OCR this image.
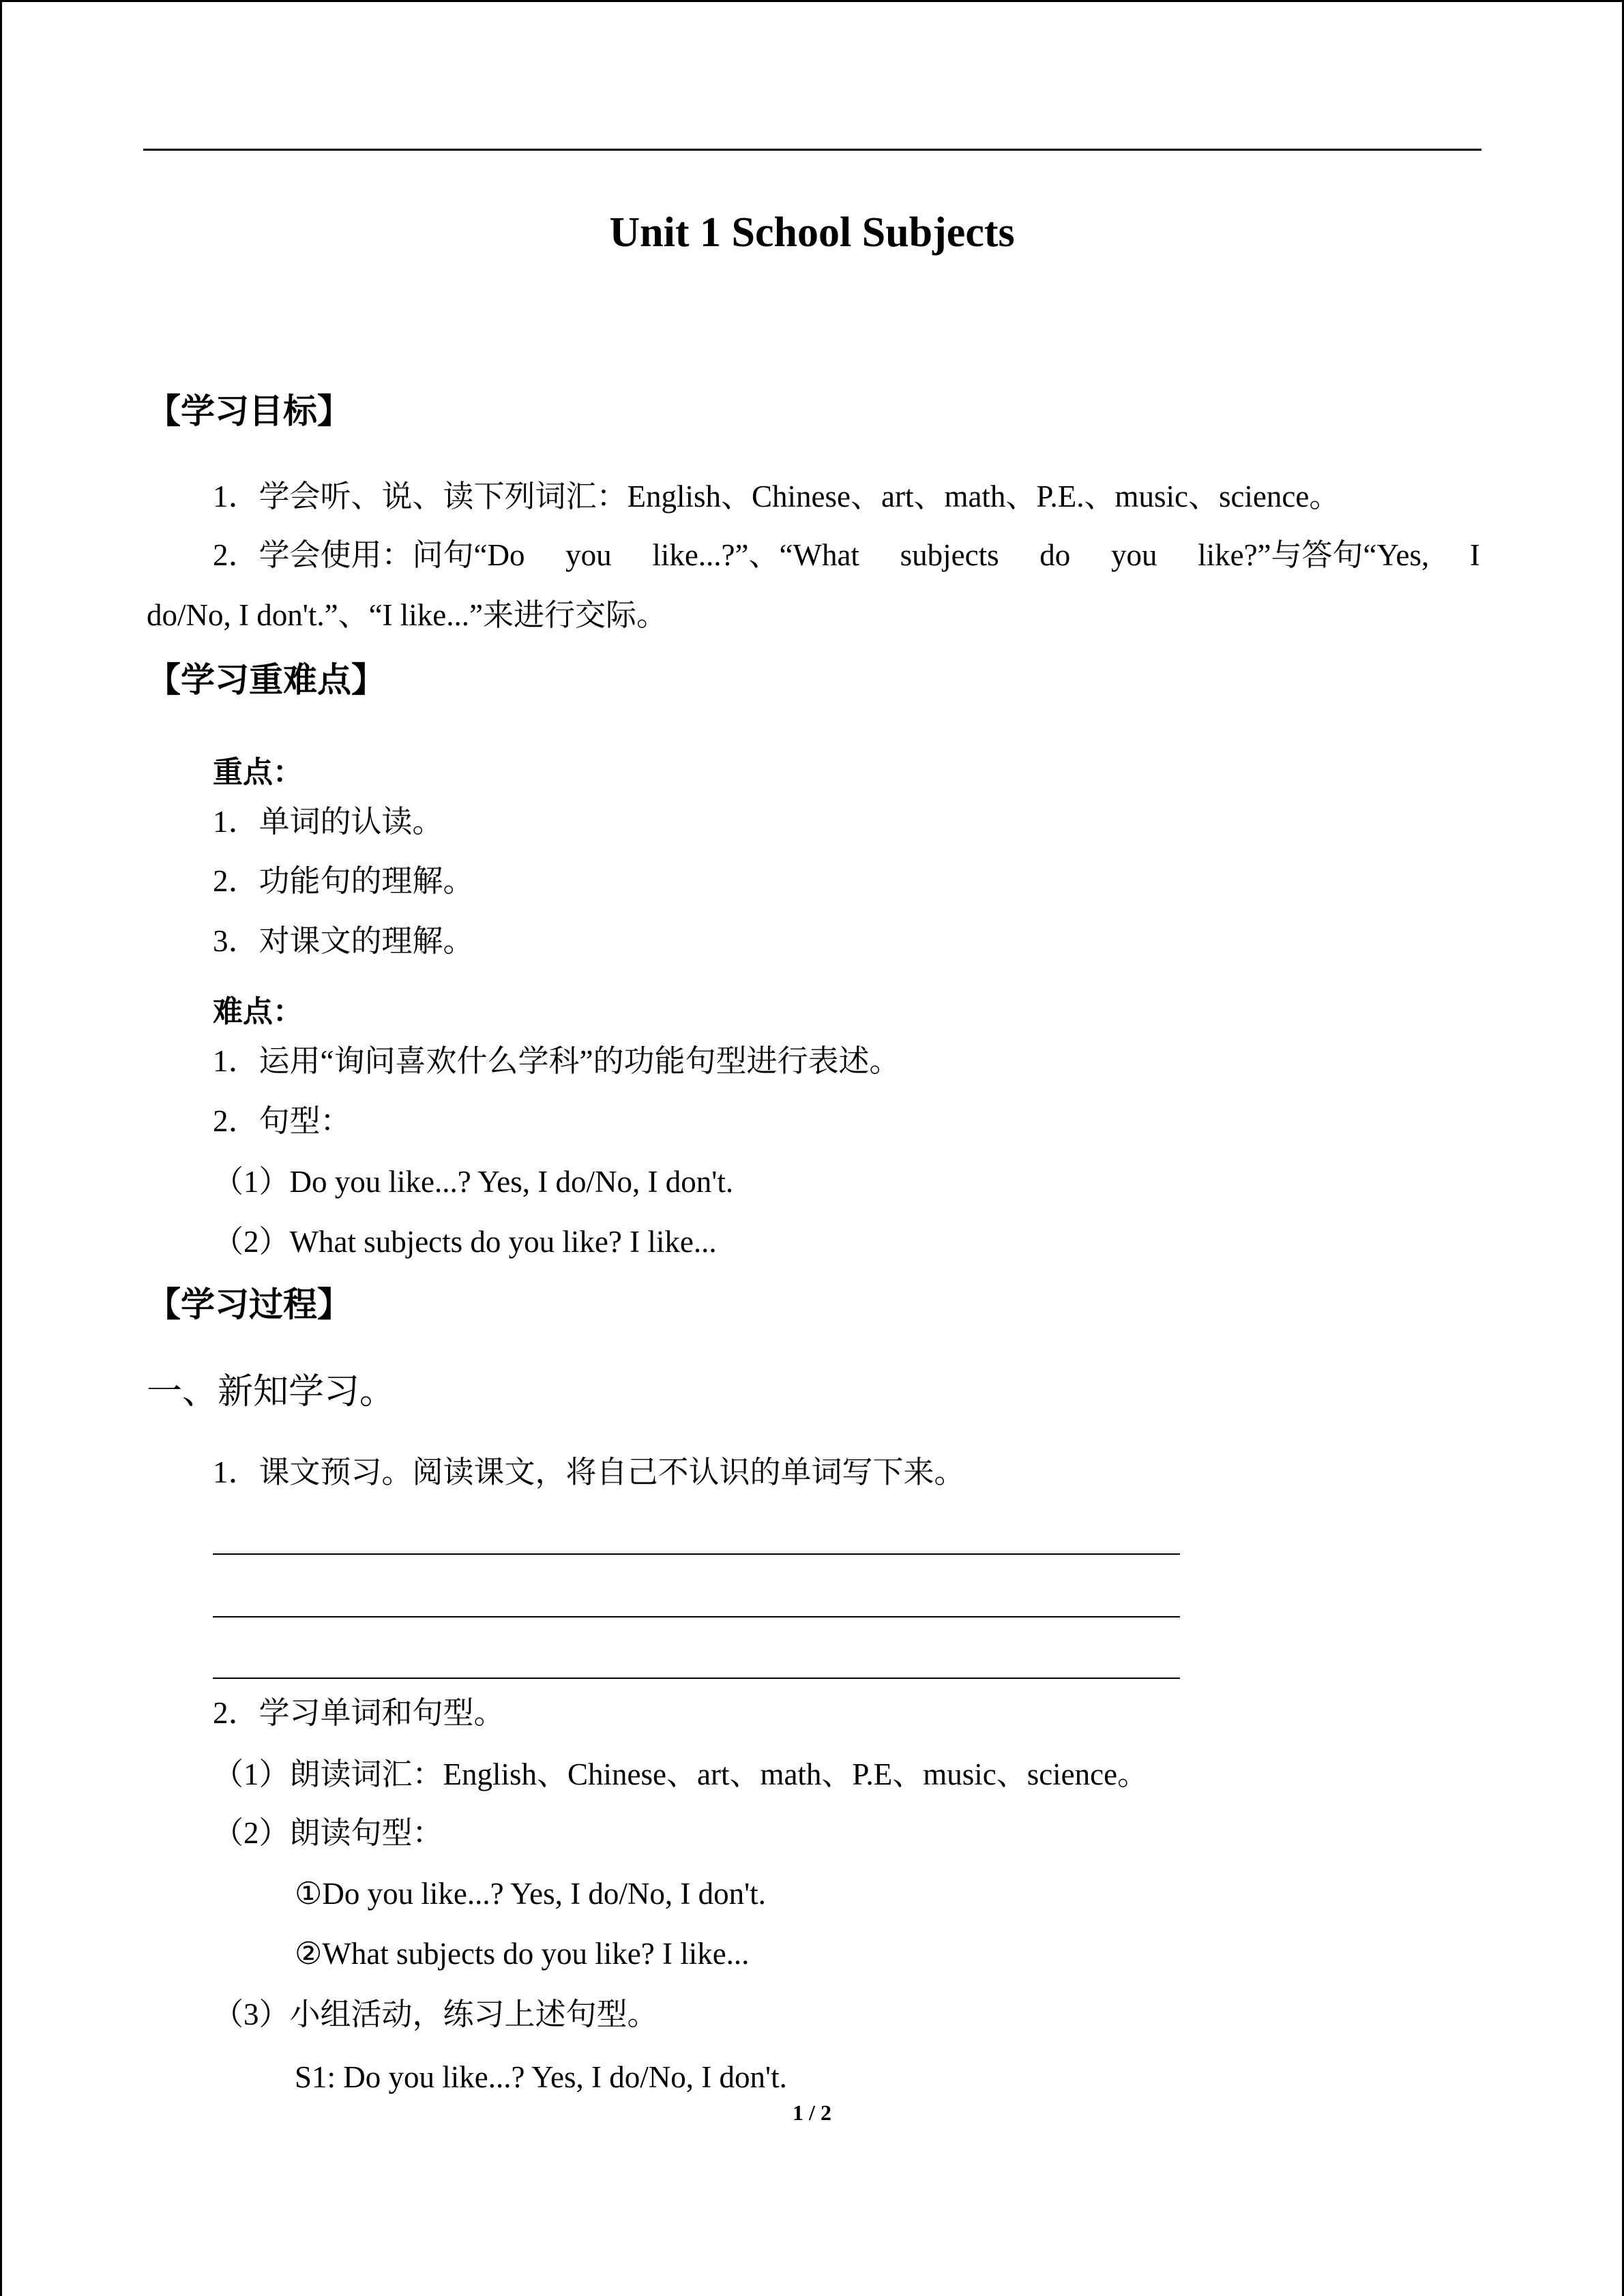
Unit 1 School Subjects
【学习目标】
1．学会听、说、读下列词汇：English、Chinese、art、math、P.E.、music、science。
2．学会使用：问句“Do you like...?”、“What subjects do you like?”与答句“Yes, I
do/No, I don't.”、“I like...”来进行交际。
【学习重难点】
重点：
1．单词的认读。
2．功能句的理解。
3．对课文的理解。
难点：
1．运用“询问喜欢什么学科”的功能句型进行表述。
2．句型：
（1）Do you like...? Yes, I do/No, I don't.
（2）What subjects do you like? I like...
【学习过程】
一、新知学习。
1．课文预习。阅读课文，将自己不认识的单词写下来。
2．学习单词和句型。
（1）朗读词汇：English、Chinese、art、math、P.E、music、science。
（2）朗读句型：
①Do you like...? Yes, I do/No, I don't.
②What subjects do you like? I like...
（3）小组活动，练习上述句型。
S1: Do you like...? Yes, I do/No, I don't.
1 / 2
